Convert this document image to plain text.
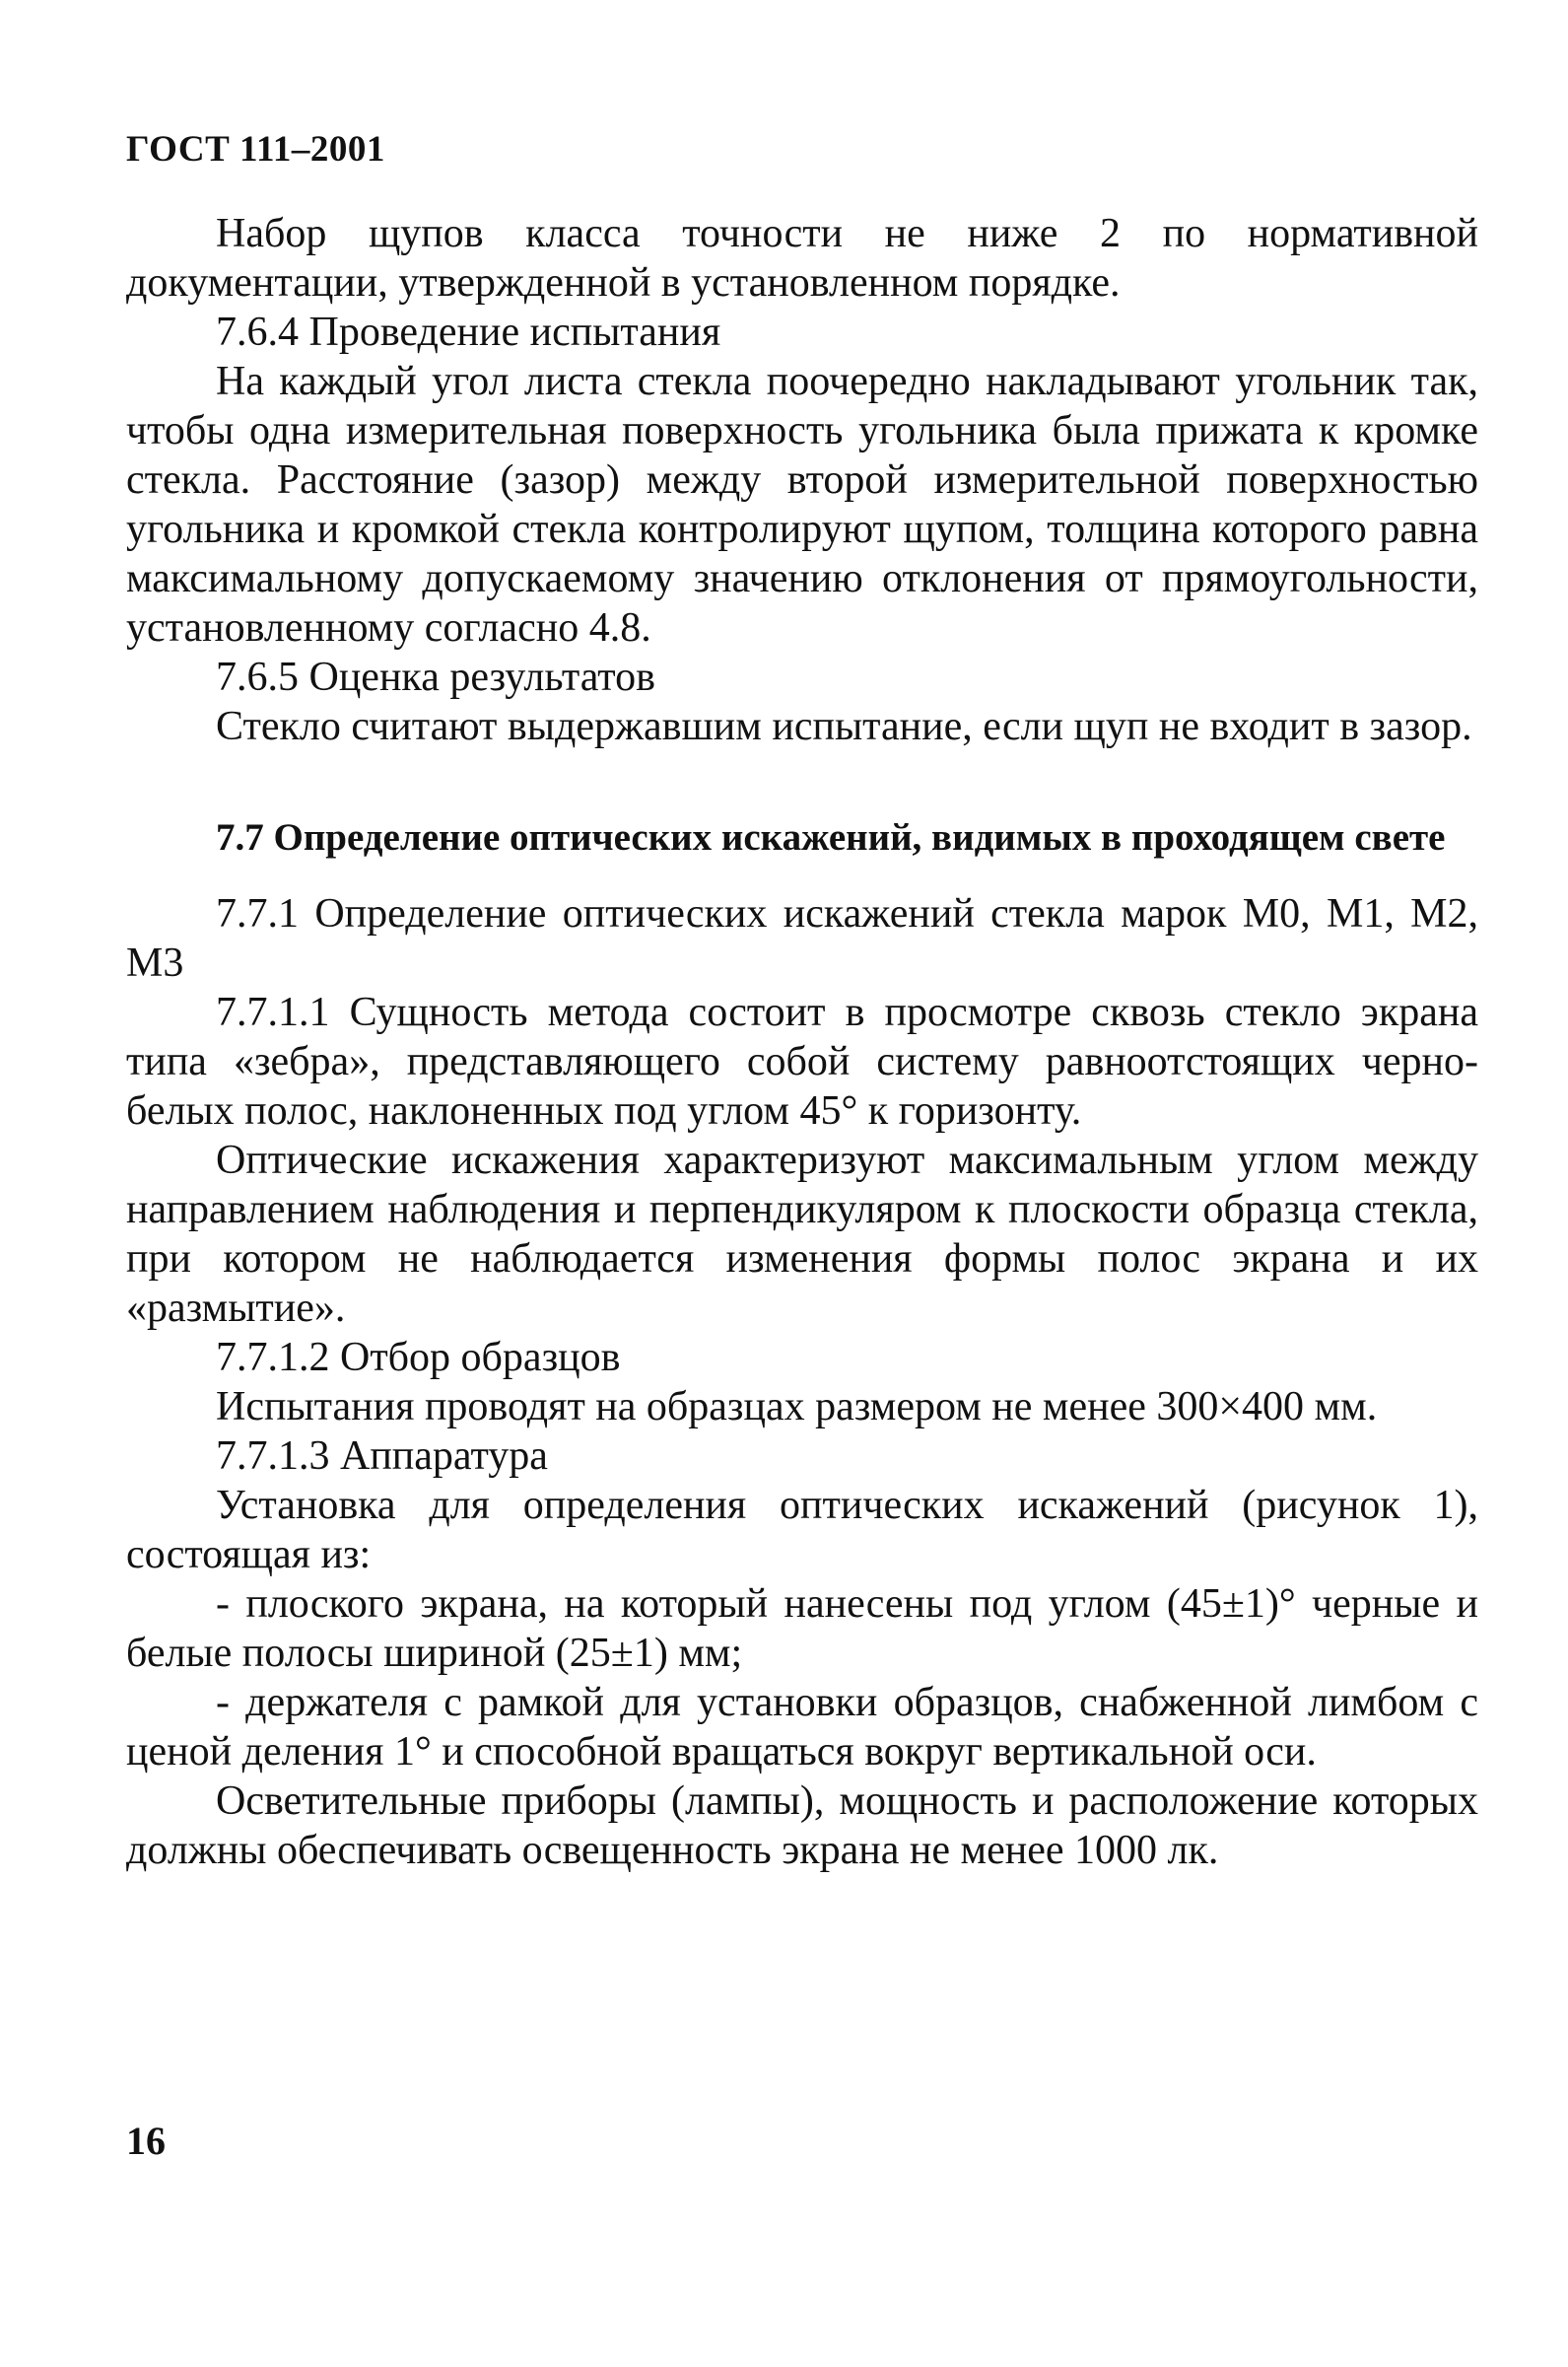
ГОСТ 111–2001

Набор щупов класса точности не ниже 2 по нормативной документации, утвержденной в установленном порядке.

7.6.4 Проведение испытания

На каждый угол листа стекла поочередно накладывают угольник так, чтобы одна измерительная поверхность угольника была прижата к кромке стекла. Расстояние (зазор) между второй измерительной поверхностью угольника и кромкой стекла контролируют щупом, толщина которого равна максимальному допускаемому значению отклонения от прямоугольности, установленному согласно 4.8.

7.6.5 Оценка результатов

Стекло считают выдержавшим испытание, если щуп не входит в зазор.

7.7 Определение оптических искажений, видимых в проходящем свете

7.7.1 Определение оптических искажений стекла марок М0, М1, М2, М3

7.7.1.1 Сущность метода состоит в просмотре сквозь стекло экрана типа «зебра», представляющего собой систему равноотстоящих черно-белых полос, наклоненных под углом 45° к горизонту.

Оптические искажения характеризуют максимальным углом между направлением наблюдения и перпендикуляром к плоскости образца стекла, при котором не наблюдается изменения формы полос экрана и их «размытие».

7.7.1.2 Отбор образцов

Испытания проводят на образцах размером не менее 300×400 мм.

7.7.1.3 Аппаратура

Установка для определения оптических искажений (рисунок 1), состоящая из:

- плоского экрана, на который нанесены под углом (45±1)° черные и белые полосы шириной (25±1) мм;

- держателя с рамкой для установки образцов, снабженной лимбом с ценой деления 1° и способной вращаться вокруг вертикальной оси.

Осветительные приборы (лампы), мощность и расположение которых должны обеспечивать освещенность экрана не менее 1000 лк.

16
